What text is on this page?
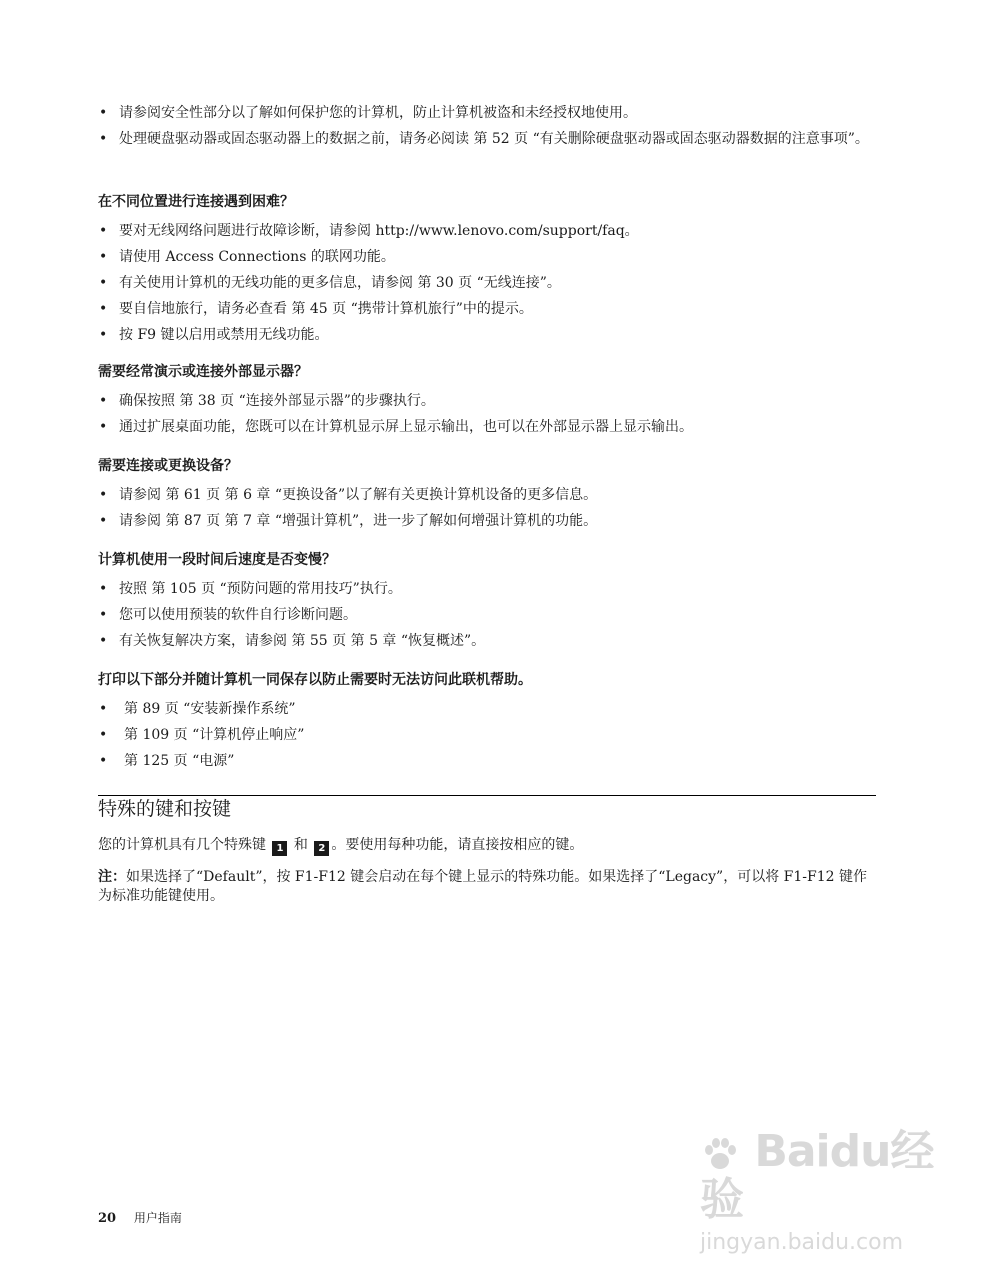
• 请参阅安全性部分以了解如何保护您的计算机，防止计算机被盗和未经授权地使用。
• 处理硬盘驱动器或固态驱动器上的数据之前，请务必阅读 第 52 页 “有关删除硬盘驱动器或固态驱动器数据的注意事项”。
在不同位置进行连接遇到困难？
• 要对无线网络问题进行故障诊断，请参阅 http://www.lenovo.com/support/faq。
• 请使用 Access Connections 的联网功能。
• 有关使用计算机的无线功能的更多信息，请参阅 第 30 页 “无线连接”。
• 要自信地旅行，请务必查看 第 45 页 “携带计算机旅行”中的提示。
• 按 F9 键以启用或禁用无线功能。
需要经常演示或连接外部显示器？
• 确保按照 第 38 页 “连接外部显示器”的步骤执行。
• 通过扩展桌面功能，您既可以在计算机显示屏上显示输出，也可以在外部显示器上显示输出。
需要连接或更换设备？
• 请参阅 第 61 页 第 6 章 “更换设备”以了解有关更换计算机设备的更多信息。
• 请参阅 第 87 页 第 7 章 “增强计算机”，进一步了解如何增强计算机的功能。
计算机使用一段时间后速度是否变慢？
• 按照 第 105 页 “预防问题的常用技巧”执行。
• 您可以使用预装的软件自行诊断问题。
• 有关恢复解决方案，请参阅 第 55 页 第 5 章 “恢复概述”。
打印以下部分并随计算机一同保存以防止需要时无法访问此联机帮助。
• 第 89 页 “安装新操作系统”
• 第 109 页 “计算机停止响应”
• 第 125 页 “电源”
特殊的键和按键

您的计算机具有几个特殊键 1 和 2 。要使用每种功能，请直接按相应的键。

注：如果选择了“Default”，按 F1-F12 键会启动在每个键上显示的特殊功能。如果选择了“Legacy”，可以将 F1-F12 键作为标准功能键使用。

20 用户指南
Baidu经验
jingyan.baidu.com
